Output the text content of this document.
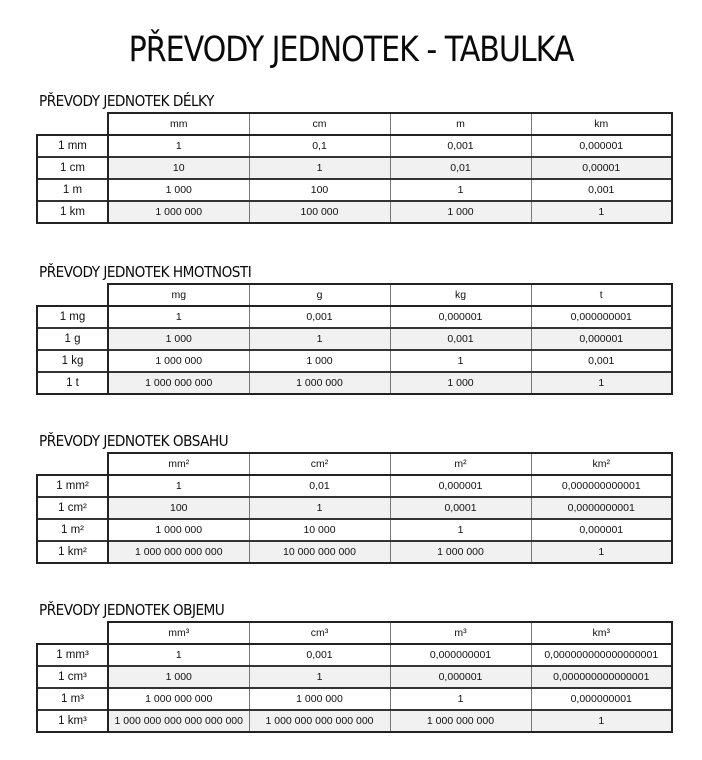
PŘEVODY JEDNOTEK - TABULKA
PŘEVODY JEDNOTEK DÉLKY
	mm	cm	m	km
1 mm	1	0,1	0,001	0,000001
1 cm	10	1	0,01	0,00001
1 m	1 000	100	1	0,001
1 km	1 000 000	100 000	1 000	1
PŘEVODY JEDNOTEK HMOTNOSTI
	mg	g	kg	t
1 mg	1	0,001	0,000001	0,000000001
1 g	1 000	1	0,001	0,000001
1 kg	1 000 000	1 000	1	0,001
1 t	1 000 000 000	1 000 000	1 000	1
PŘEVODY JEDNOTEK OBSAHU
	mm²	cm²	m²	km²
1 mm²	1	0,01	0,000001	0,000000000001
1 cm²	100	1	0,0001	0,0000000001
1 m²	1 000 000	10 000	1	0,000001
1 km²	1 000 000 000 000	10 000 000 000	1 000 000	1
PŘEVODY JEDNOTEK OBJEMU
	mm³	cm³	m³	km³
1 mm³	1	0,001	0,000000001	0,000000000000000001
1 cm³	1 000	1	0,000001	0,000000000000001
1 m³	1 000 000 000	1 000 000	1	0,000000001
1 km³	1 000 000 000 000 000 000	1 000 000 000 000 000	1 000 000 000	1
